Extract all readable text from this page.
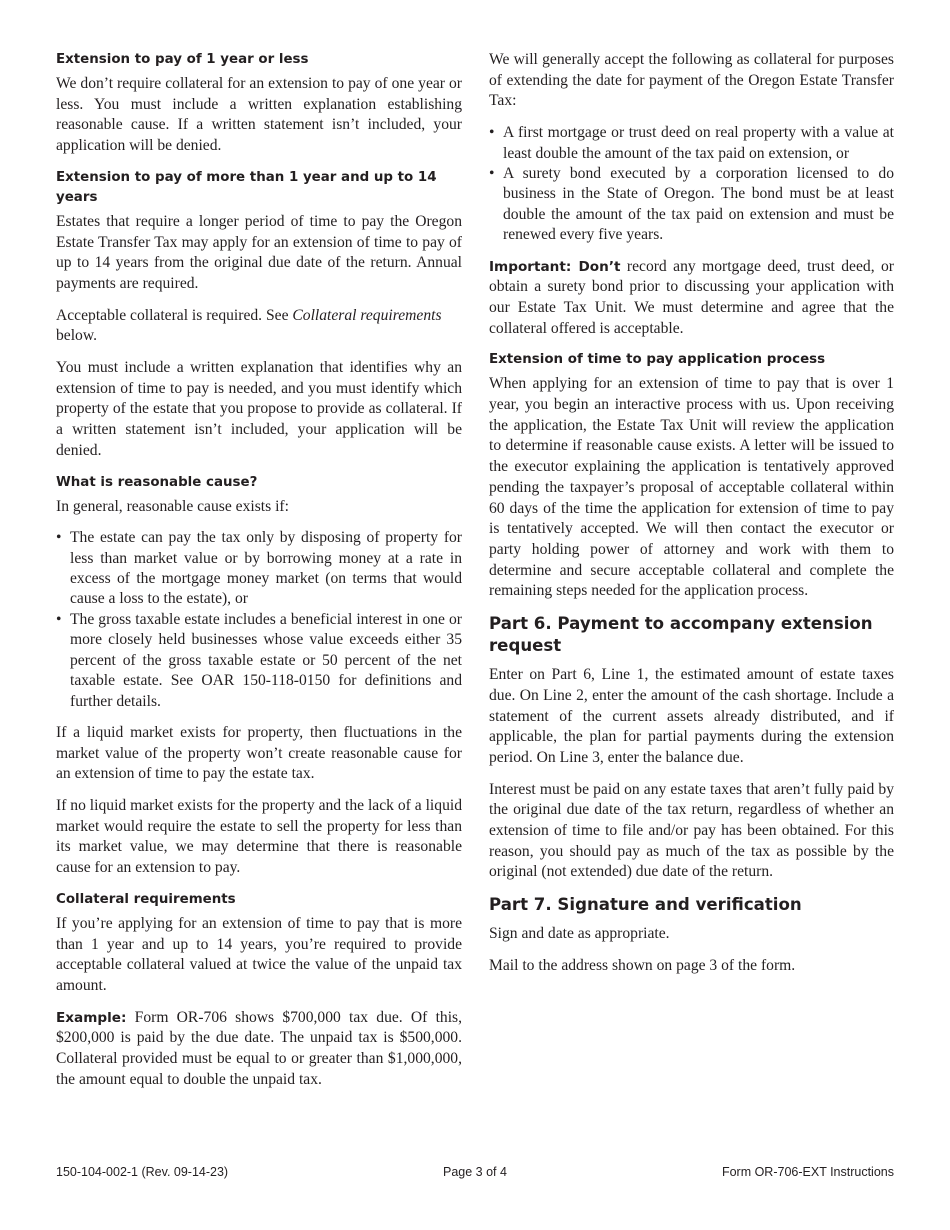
Extension to pay of 1 year or less

We don’t require collateral for an extension to pay of one year or less. You must include a written explanation establishing reasonable cause. If a written statement isn’t included, your application will be denied.

Extension to pay of more than 1 year and up to 14 years

Estates that require a longer period of time to pay the Oregon Estate Transfer Tax may apply for an extension of time to pay of up to 14 years from the original due date of the return. Annual payments are required.

Acceptable collateral is required. See Collateral requirements below.

You must include a written explanation that identifies why an extension of time to pay is needed, and you must identify which property of the estate that you propose to provide as collateral. If a written statement isn’t included, your application will be denied.

What is reasonable cause?

In general, reasonable cause exists if:

• The estate can pay the tax only by disposing of property for less than market value or by borrowing money at a rate in excess of the mortgage money market (on terms that would cause a loss to the estate), or
• The gross taxable estate includes a beneficial interest in one or more closely held businesses whose value exceeds either 35 percent of the gross taxable estate or 50 percent of the net taxable estate. See OAR 150-118-0150 for definitions and further details.

If a liquid market exists for property, then fluctuations in the market value of the property won’t create reasonable cause for an extension of time to pay the estate tax.

If no liquid market exists for the property and the lack of a liquid market would require the estate to sell the property for less than its market value, we may determine that there is reasonable cause for an extension to pay.

Collateral requirements

If you’re applying for an extension of time to pay that is more than 1 year and up to 14 years, you’re required to provide acceptable collateral valued at twice the value of the unpaid tax amount.

Example: Form OR-706 shows $700,000 tax due. Of this, $200,000 is paid by the due date. The unpaid tax is $500,000. Collateral provided must be equal to or greater than $1,000,000, the amount equal to double the unpaid tax.

We will generally accept the following as collateral for purposes of extending the date for payment of the Oregon Estate Transfer Tax:

• A first mortgage or trust deed on real property with a value at least double the amount of the tax paid on extension, or
• A surety bond executed by a corporation licensed to do business in the State of Oregon. The bond must be at least double the amount of the tax paid on extension and must be renewed every five years.

Important: Don’t record any mortgage deed, trust deed, or obtain a surety bond prior to discussing your application with our Estate Tax Unit. We must determine and agree that the collateral offered is acceptable.

Extension of time to pay application process

When applying for an extension of time to pay that is over 1 year, you begin an interactive process with us. Upon receiving the application, the Estate Tax Unit will review the application to determine if reasonable cause exists. A letter will be issued to the executor explaining the application is tentatively approved pending the taxpayer’s proposal of acceptable collateral within 60 days of the time the application for extension of time to pay is tentatively accepted. We will then contact the executor or party holding power of attorney and work with them to determine and secure acceptable collateral and complete the remaining steps needed for the application process.

Part 6. Payment to accompany extension request

Enter on Part 6, Line 1, the estimated amount of estate taxes due. On Line 2, enter the amount of the cash shortage. Include a statement of the current assets already distributed, and if applicable, the plan for partial payments during the extension period. On Line 3, enter the balance due.

Interest must be paid on any estate taxes that aren’t fully paid by the original due date of the tax return, regardless of whether an extension of time to file and/or pay has been obtained. For this reason, you should pay as much of the tax as possible by the original (not extended) due date of the return.

Part 7. Signature and verification

Sign and date as appropriate.

Mail to the address shown on page 3 of the form.

150-104-002-1 (Rev. 09-14-23)	Page 3 of 4	Form OR-706-EXT Instructions
